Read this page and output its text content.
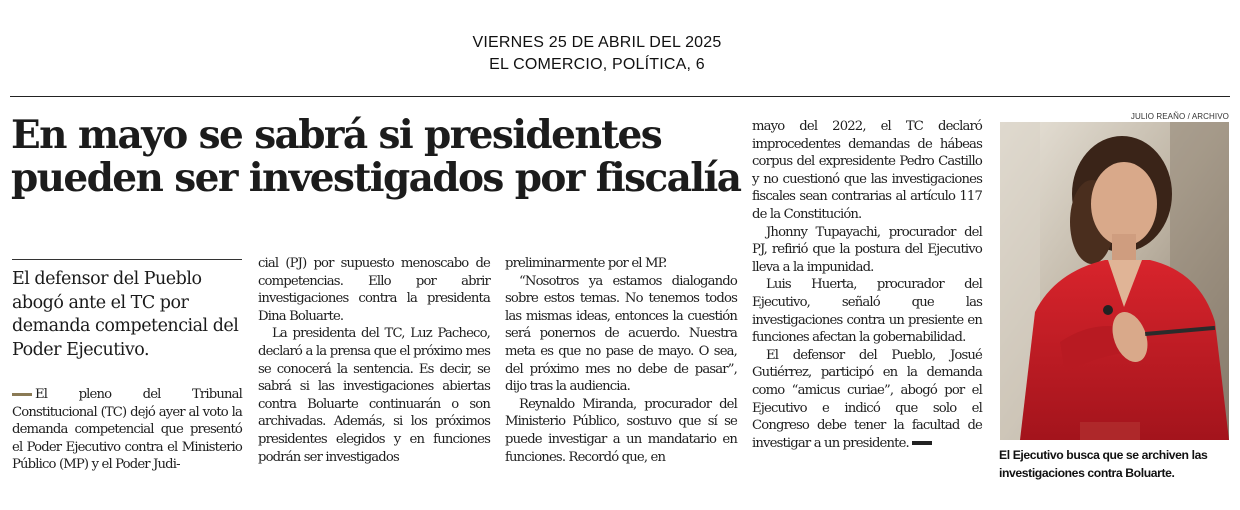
VIERNES 25 DE ABRIL DEL 2025
EL COMERCIO, POLÍTICA, 6
En mayo se sabrá si presidentes pueden ser investigados por fiscalía

El defensor del Pueblo abogó ante el TC por demanda competencial del Poder Ejecutivo.

El pleno del Tribunal Constitucional (TC) dejó ayer al voto la demanda competencial que presentó el Poder Ejecutivo contra el Ministerio Público (MP) y el Poder Judi-

cial (PJ) por supuesto menoscabo de competencias. Ello por abrir investigaciones contra la presidenta Dina Boluarte.

La presidenta del TC, Luz Pacheco, declaró a la prensa que el próximo mes se conocerá la sentencia. Es decir, se sabrá si las investigaciones abiertas contra Boluarte continuarán o son archivadas. Además, si los próximos presidentes elegidos y en funciones podrán ser investigados

preliminarmente por el MP.

“Nosotros ya estamos dialogando sobre estos temas. No tenemos todos las mismas ideas, entonces la cuestión será ponernos de acuerdo. Nuestra meta es que no pase de mayo. O sea, del próximo mes no debe de pasar”, dijo tras la audiencia.

Reynaldo Miranda, procurador del Ministerio Público, sostuvo que sí se puede investigar a un mandatario en funciones. Recordó que, en

mayo del 2022, el TC declaró improcedentes demandas de hábeas corpus del expresidente Pedro Castillo y no cuestionó que las investigaciones fiscales sean contrarias al artículo 117 de la Constitución.

Jhonny Tupayachi, procurador del PJ, refirió que la postura del Ejecutivo lleva a la impunidad.

Luis Huerta, procurador del Ejecutivo, señaló que las investigaciones contra un presiente en funciones afectan la gobernabilidad.

El defensor del Pueblo, Josué Gutiérrez, participó en la demanda como “amicus curiae”, abogó por el Ejecutivo e indicó que solo el Congreso debe tener la facultad de investigar a un presidente.

JULIO REAÑO / ARCHIVO

El Ejecutivo busca que se archiven las investigaciones contra Boluarte.
